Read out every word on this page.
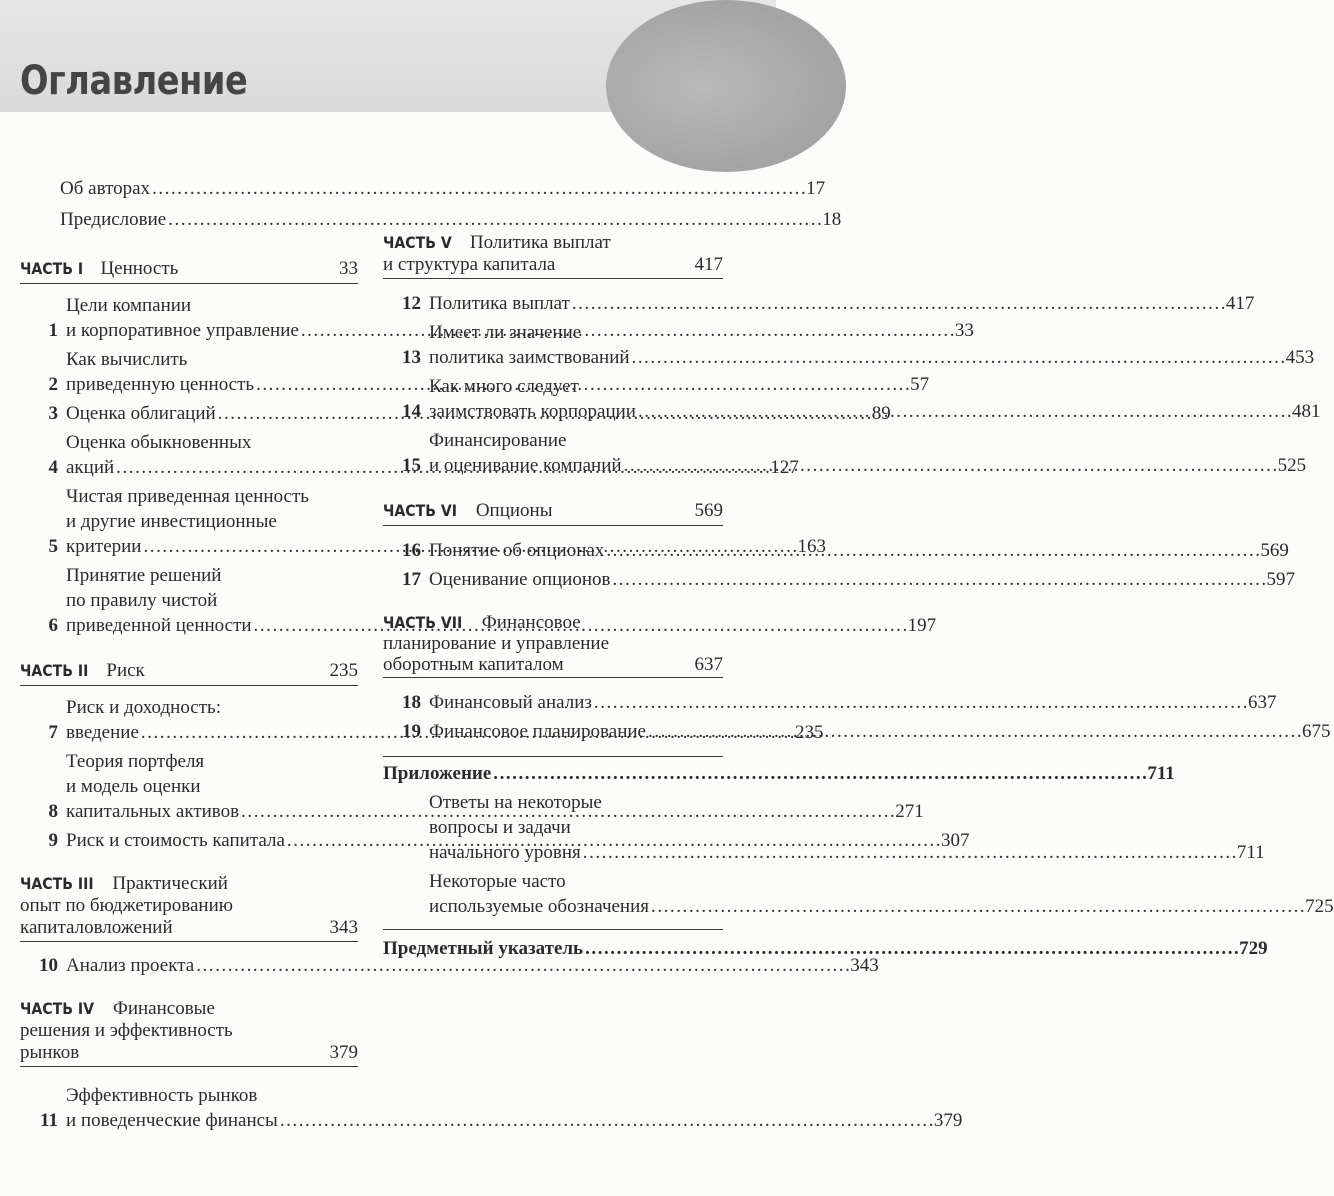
Оглавление
Об авторах . . .	17
Предисловие . . .	18
ЧАСТЬ I Ценность	33
1
Цели компании
и корпоративное управление . . .	33
2
Как вычислить
приведенную ценность . . .	57
3 Оценка облигаций . . .	89
4
Оценка обыкновенных
акций . . .	127
5
Чистая приведенная ценность
и другие инвестиционные
критерии . . .	163
6
Принятие решений
по правилу чистой
приведенной ценности . . .	197
ЧАСТЬ II Риск	235
7
Риск и доходность:
введение . . .	235
8
Теория портфеля
и модель оценки
капитальных активов . . .	271
9 Риск и стоимость капитала . . .	307
ЧАСТЬ III Практический
опыт по бюджетированию
капиталовложений	343
10 Анализ проекта . . .	343
ЧАСТЬ IV Финансовые
решения и эффективность
рынков	379
11
Эффективность рынков
и поведенческие финансы . . .	379
ЧАСТЬ V Политика выплат
и структура капитала	417
12 Политика выплат . . .	417
13
Имеет ли значение
политика заимствований . . .	453
14
Как много следует
заимствовать корпорации . . .	481
15
Финансирование
и оценивание компаний . . .	525
ЧАСТЬ VI Опционы	569
16 Понятие об опционах . . .	569
17 Оценивание опционов . . .	597
ЧАСТЬ VII Финансовое
планирование и управление
оборотным капиталом	637
18 Финансовый анализ . . .	637
19 Финансовое планирование . . .	675
Приложение . . .	711
Ответы на некоторые
вопросы и задачи
начального уровня . . .	711
Некоторые часто
используемые обозначения . . .	725
Предметный указатель . . .	729
